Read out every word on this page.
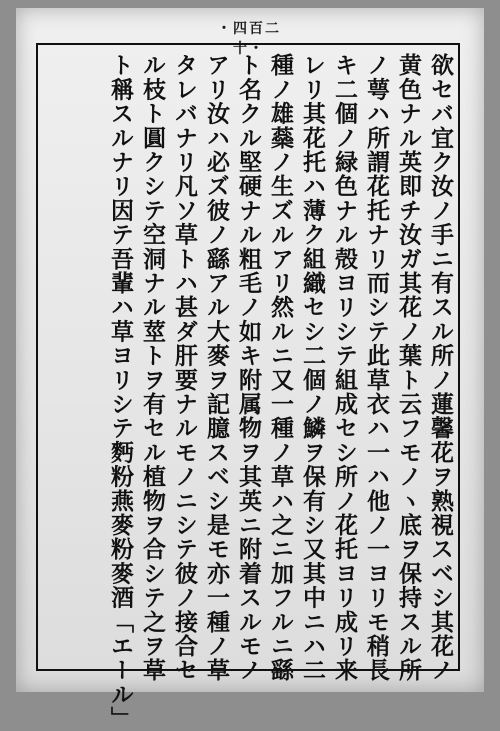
・四百二十・
欲セバ宜ク汝ノ手ニ有スル所ノ蓮馨花ヲ熟視スベシ其花ノ
黄色ナル英即チ汝ガ其花ノ葉ト云フモノヽ底ヲ保持スル所
ノ萼ハ所謂花托ナリ而シテ此草衣ハ一ハ他ノ一ヨリモ稍長
キ二個ノ緑色ナル殻ヨリシテ組成セシ所ノ花托ヨリ成リ来
レリ其花托ハ薄ク組織セシ二個ノ鱗ヲ保有シ又其中ニハ二
種ノ雄蘂ノ生ズルアリ然ルニ又一種ノ草ハ之ニ加フルニ繇
ト名クル堅硬ナル粗毛ノ如キ附属物ヲ其英ニ附着スルモノ
アリ汝ハ必ズ彼ノ繇アル大麥ヲ記臆スベシ是モ亦一種ノ草
タレバナリ凡ソ草トハ甚ダ肝要ナルモノニシテ彼ノ接合セ
ル枝ト圓クシテ空洞ナル莖トヲ有セル植物ヲ合シテ之ヲ草
ト稱スルナリ因テ吾輩ハ草ヨリシテ麪粉燕麥粉麥酒「エール」
